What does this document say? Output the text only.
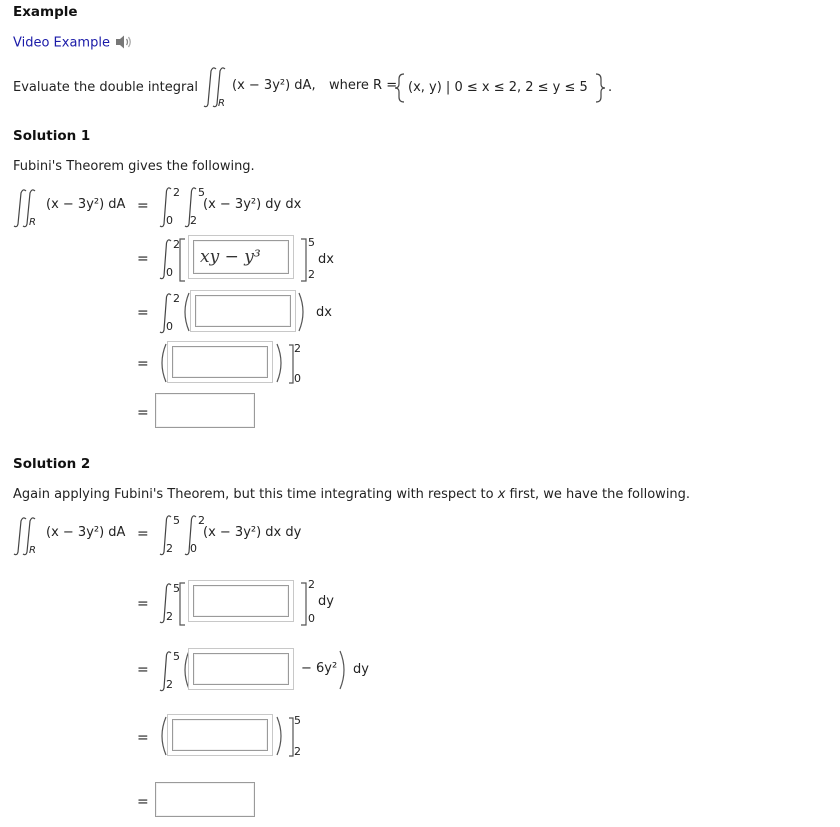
Example
Video Example
Evaluate the double integral
R
(x − 3y²) dA, where R = (x, y) | 0 ≤ x ≤ 2, 2 ≤ y ≤ 5 .
Solution 1
Fubini's Theorem gives the following.
R
(x − 3y²) dA =
2
0
5
2
(x − 3y²) dy dx
=
2
0
xy − y³
5
2
dx
=
2
0
dx
=
2
0
=
Solution 2
Again applying Fubini's Theorem, but this time integrating with respect to x first, we have the following.
R
(x − 3y²) dA =
5
2
2
0
(x − 3y²) dx dy
=
5
2
2
0
dy
=
5
2
− 6y² dy
=
5
2
=
